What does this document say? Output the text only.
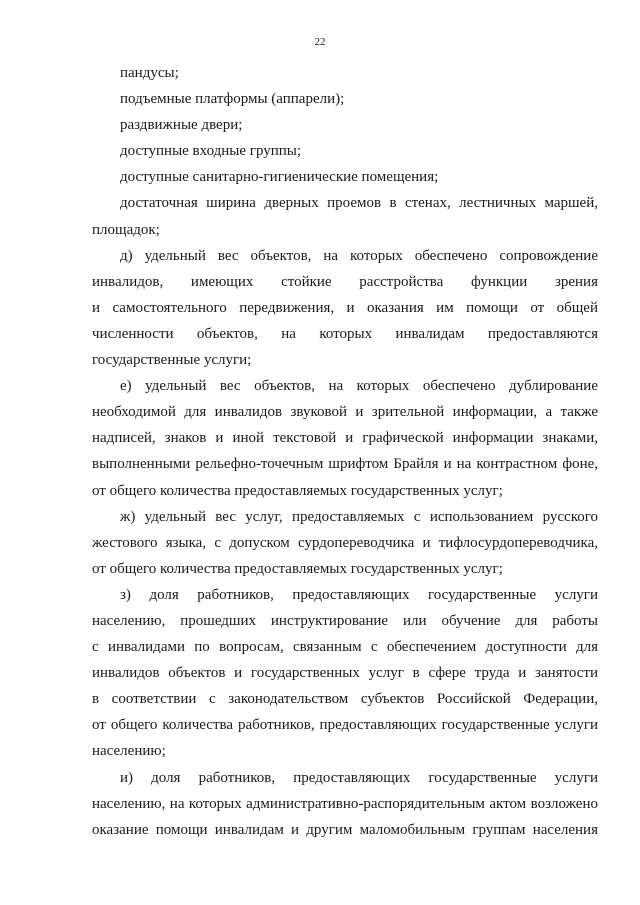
22
пандусы;
подъемные платформы (аппарели);
раздвижные двери;
доступные входные группы;
доступные санитарно-гигиенические помещения;
достаточная ширина дверных проемов в стенах, лестничных маршей,
площадок;
д) удельный вес объектов, на которых обеспечено сопровождение
инвалидов, имеющих стойкие расстройства функции зрения
и самостоятельного передвижения, и оказания им помощи от общей
численности объектов, на которых инвалидам предоставляются
государственные услуги;
е) удельный вес объектов, на которых обеспечено дублирование
необходимой для инвалидов звуковой и зрительной информации, а также
надписей, знаков и иной текстовой и графической информации знаками,
выполненными рельефно-точечным шрифтом Брайля и на контрастном фоне,
от общего количества предоставляемых государственных услуг;
ж) удельный вес услуг, предоставляемых с использованием русского
жестового языка, с допуском сурдопереводчика и тифлосурдопереводчика,
от общего количества предоставляемых государственных услуг;
з) доля работников, предоставляющих государственные услуги
населению, прошедших инструктирование или обучение для работы
с инвалидами по вопросам, связанным с обеспечением доступности для
инвалидов объектов и государственных услуг в сфере труда и занятости
в соответствии с законодательством субъектов Российской Федерации,
от общего количества работников, предоставляющих государственные услуги
населению;
и) доля работников, предоставляющих государственные услуги
населению, на которых административно-распорядительным актом возложено
оказание помощи инвалидам и другим маломобильным группам населения
